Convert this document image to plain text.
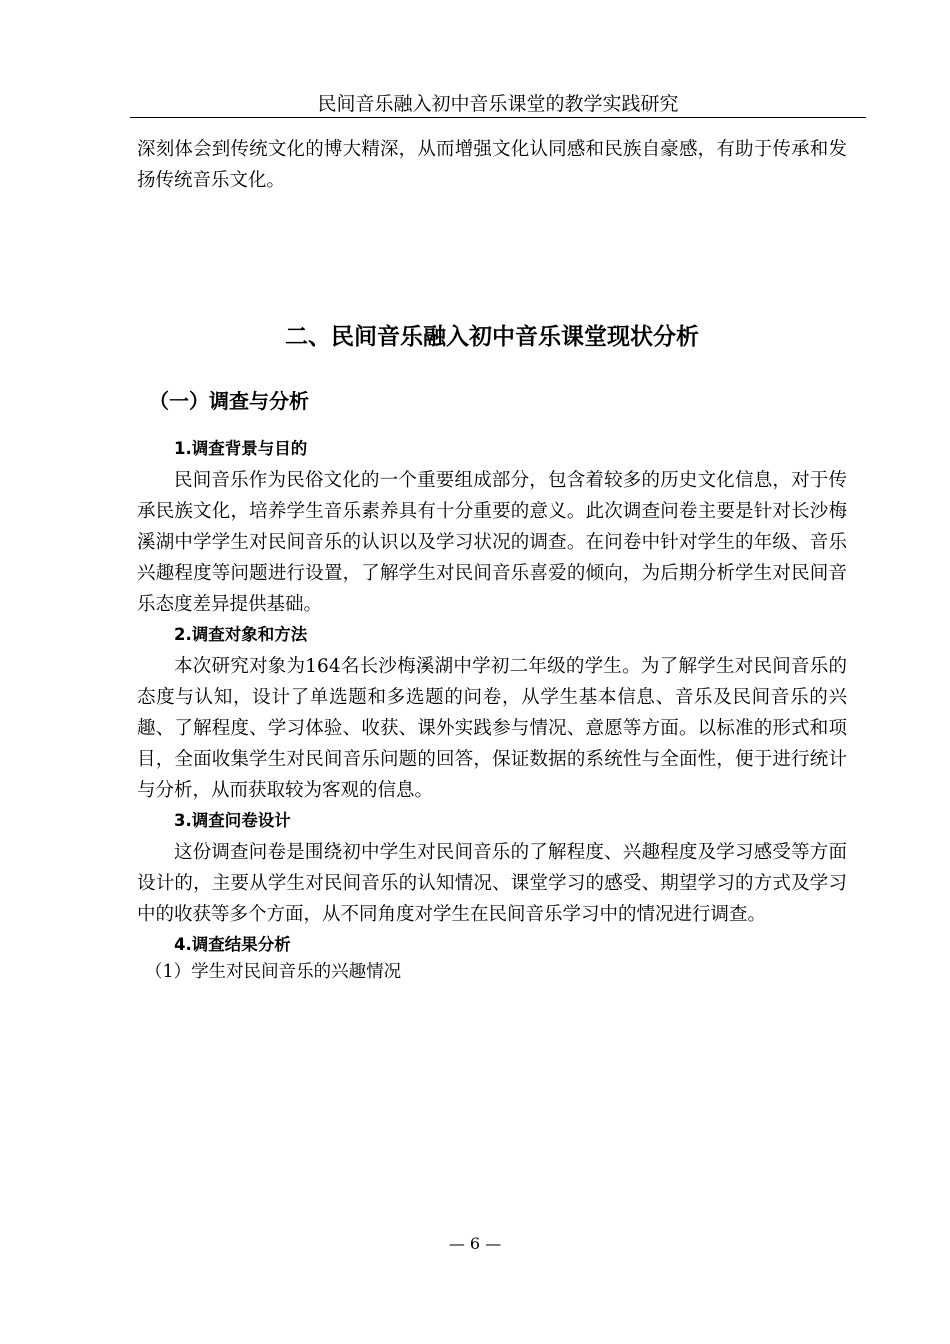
民间音乐融入初中音乐课堂的教学实践研究

深刻体会到传统文化的博大精深，从而增强文化认同感和民族自豪感，有助于传承和发扬传统音乐文化。

二、民间音乐融入初中音乐课堂现状分析
（一）调查与分析
1.调查背景与目的

民间音乐作为民俗文化的一个重要组成部分，包含着较多的历史文化信息，对于传承民族文化，培养学生音乐素养具有十分重要的意义。此次调查问卷主要是针对长沙梅溪湖中学学生对民间音乐的认识以及学习状况的调查。在问卷中针对学生的年级、音乐兴趣程度等问题进行设置，了解学生对民间音乐喜爱的倾向，为后期分析学生对民间音乐态度差异提供基础。

2.调查对象和方法

本次研究对象为164名长沙梅溪湖中学初二年级的学生。为了解学生对民间音乐的态度与认知，设计了单选题和多选题的问卷，从学生基本信息、音乐及民间音乐的兴趣、了解程度、学习体验、收获、课外实践参与情况、意愿等方面。以标准的形式和项目，全面收集学生对民间音乐问题的回答，保证数据的系统性与全面性，便于进行统计与分析，从而获取较为客观的信息。

3.调查问卷设计

这份调查问卷是围绕初中学生对民间音乐的了解程度、兴趣程度及学习感受等方面设计的，主要从学生对民间音乐的认知情况、课堂学习的感受、期望学习的方式及学习中的收获等多个方面，从不同角度对学生在民间音乐学习中的情况进行调查。

4.调查结果分析

（1）学生对民间音乐的兴趣情况

— 6 —
